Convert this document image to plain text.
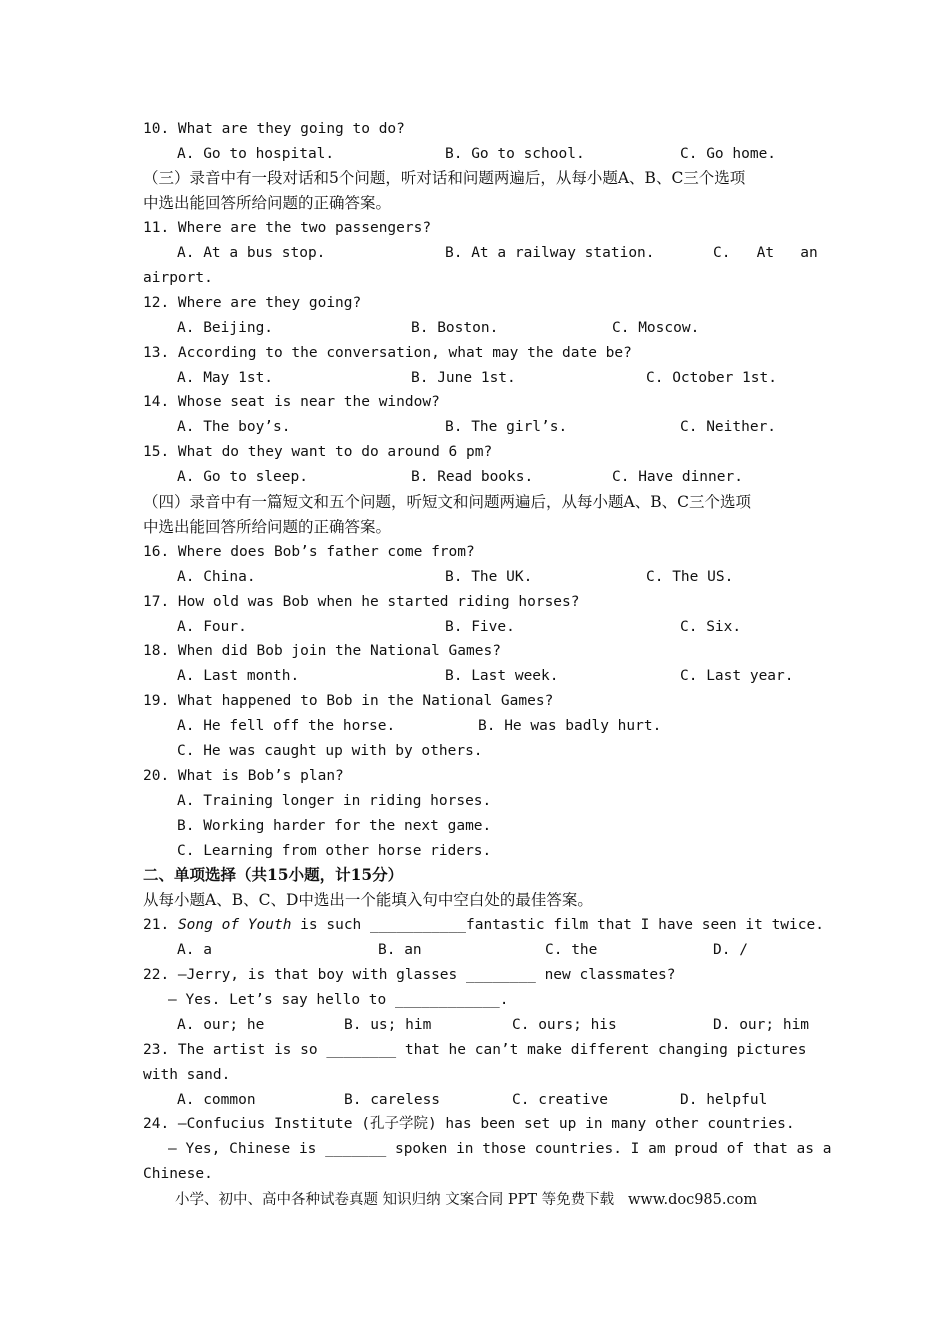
10. What are they going to do?
A. Go to hospital.	B. Go to school.	C. Go home.
（三）录音中有一段对话和5个问题，听对话和问题两遍后，从每小题A、B、C三个选项
中选出能回答所给问题的正确答案。
11. Where are the two passengers?
A. At a bus stop.	B. At a railway station.	C.   At   an
airport.
12. Where are they going?
A. Beijing.	B. Boston.	C. Moscow.
13. According to the conversation, what may the date be?
A. May 1st.	B. June 1st.	C. October 1st.
14. Whose seat is near the window?
A. The boy’s.	B. The girl’s.	C. Neither.
15. What do they want to do around 6 pm?
A. Go to sleep.	B. Read books.	C. Have dinner.
（四）录音中有一篇短文和五个问题，听短文和问题两遍后，从每小题A、B、C三个选项
中选出能回答所给问题的正确答案。
16. Where does Bob’s father come from?
A. China.	B. The UK.	C. The US.
17. How old was Bob when he started riding horses?
A. Four.	B. Five.	C. Six.
18. When did Bob join the National Games?
A. Last month.	B. Last week.	C. Last year.
19. What happened to Bob in the National Games?
A. He fell off the horse.	B. He was badly hurt.
C. He was caught up with by others.
20. What is Bob’s plan?
A. Training longer in riding horses.
B. Working harder for the next game.
C. Learning from other horse riders.
二、单项选择（共15小题，计15分）
从每小题A、B、C、D中选出一个能填入句中空白处的最佳答案。
21. Song of Youth is such ___________fantastic film that I have seen it twice.
A. a	B. an	C. the	D. /
22. –Jerry, is that boy with glasses ________ new classmates?
– Yes. Let’s say hello to ____________.
A. our; he	B. us; him	C. ours; his	D. our; him
23. The artist is so ________ that he can’t make different changing pictures
with sand.
A. common	B. careless	C. creative	D. helpful
24. –Confucius Institute (孔子学院) has been set up in many other countries.
– Yes, Chinese is _______ spoken in those countries. I am proud of that as a
Chinese.
小学、初中、高中各种试卷真题 知识归纳 文案合同 PPT 等免费下载   www.doc985.com
